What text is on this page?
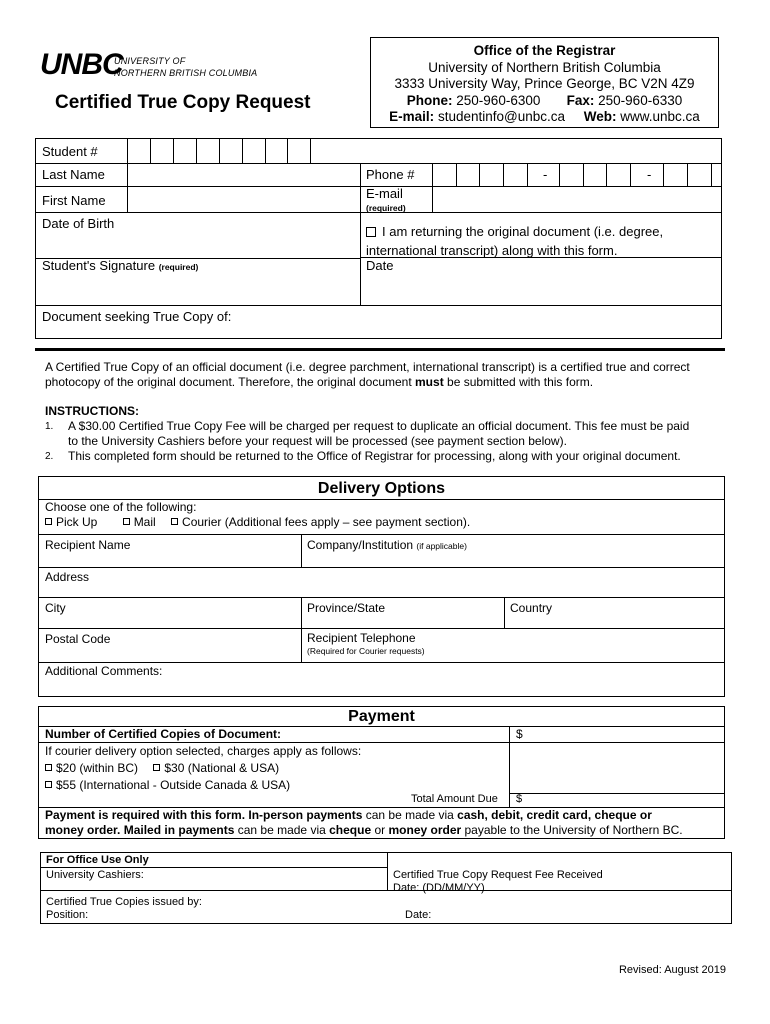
UNBC
UNIVERSITY OF
NORTHERN BRITISH COLUMBIA
Certified True Copy Request
Office of the Registrar
University of Northern British Columbia
3333 University Way, Prince George, BC V2N 4Z9
Phone: 250-960-6300 Fax: 250-960-6330
E-mail: studentinfo@unbc.ca Web: www.unbc.ca
Student #
Last Name
First Name
Date of Birth
Student's Signature (required)
Phone #	-	-
E-mail
(required)
I am returning the original document (i.e. degree,
international transcript) along with this form.
Date
Document seeking True Copy of:
A Certified True Copy of an official document (i.e. degree parchment, international transcript) is a certified true and correct
photocopy of the original document. Therefore, the original document must be submitted with this form.
INSTRUCTIONS:
1. A $30.00 Certified True Copy Fee will be charged per request to duplicate an official document. This fee must be paid
to the University Cashiers before your request will be processed (see payment section below).
2. This completed form should be returned to the Office of Registrar for processing, along with your original document.
Delivery Options
Choose one of the following:
Pick Up	Mail Courier (Additional fees apply – see payment section).
Recipient Name	Company/Institution (if applicable)
Address
City	Province/State	Country
Postal Code	Recipient Telephone
(Required for Courier requests)
Additional Comments:
Payment
Number of Certified Copies of Document:	$
If courier delivery option selected, charges apply as follows:
$20 (within BC) $30 (National & USA)
$55 (International - Outside Canada & USA)
Total Amount Due $
Payment is required with this form. In-person payments can be made via cash, debit, credit card, cheque or
money order. Mailed in payments can be made via cheque or money order payable to the University of Northern BC.
For Office Use Only
University Cashiers:	Certified True Copy Request Fee Received
Date: (DD/MM/YY)
Certified True Copies issued by:
Position:	Date:
Revised: August 2019
